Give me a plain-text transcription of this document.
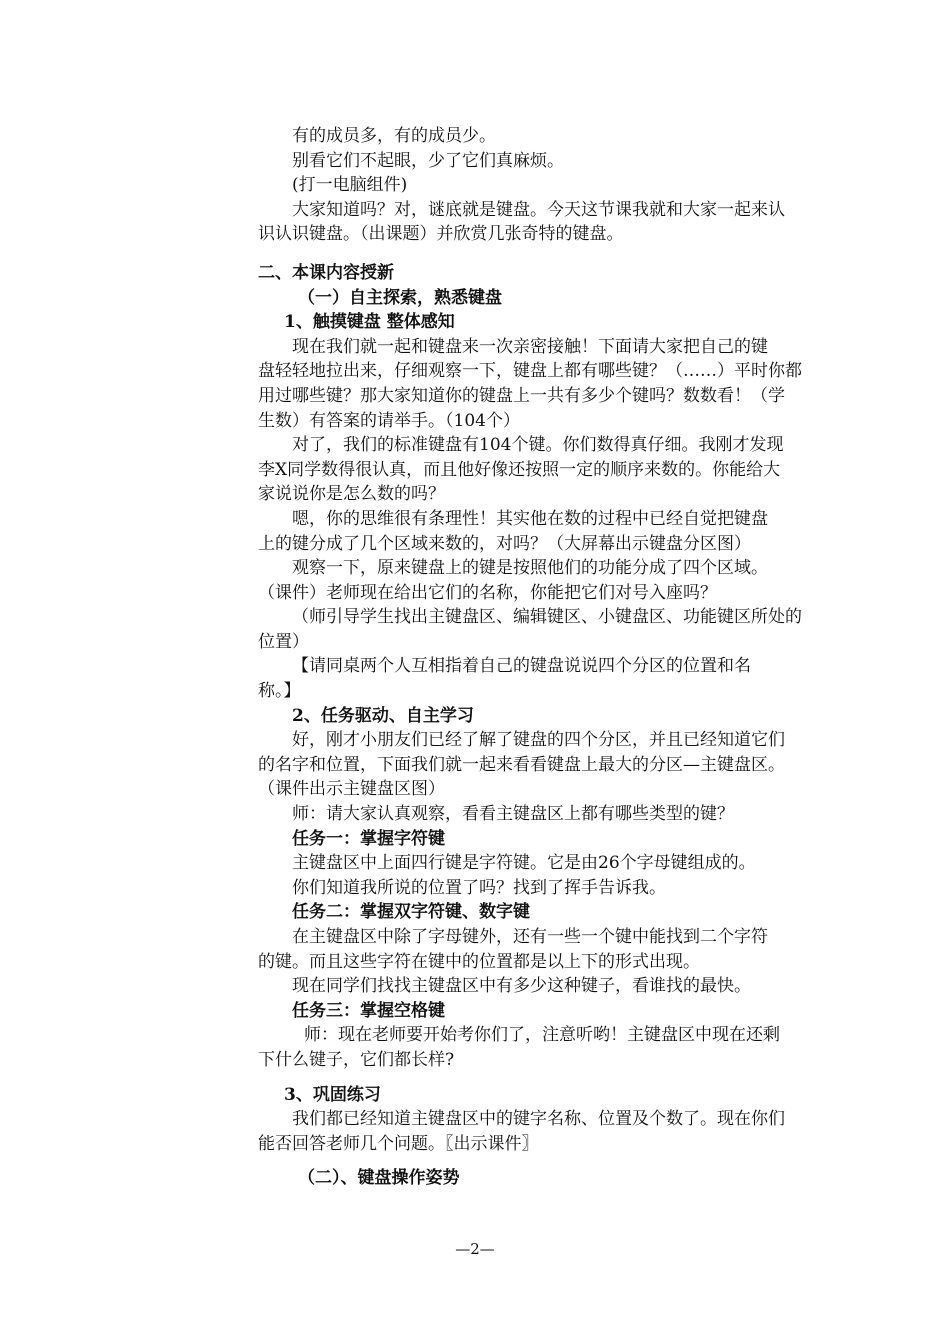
有的成员多，有的成员少。
别看它们不起眼，少了它们真麻烦。
(打一电脑组件)
大家知道吗？对，谜底就是键盘。今天这节课我就和大家一起来认
识认识键盘。（出课题）并欣赏几张奇特的键盘。
二、本课内容授新
（一）自主探索，熟悉键盘
1、触摸键盘 整体感知
现在我们就一起和键盘来一次亲密接触！下面请大家把自己的键
盘轻轻地拉出来，仔细观察一下，键盘上都有哪些键？（……）平时你都
用过哪些键？那大家知道你的键盘上一共有多少个键吗？数数看！（学
生数）有答案的请举手。（104个）
对了，我们的标准键盘有104个键。你们数得真仔细。我刚才发现
李X同学数得很认真，而且他好像还按照一定的顺序来数的。你能给大
家说说你是怎么数的吗？
嗯，你的思维很有条理性！其实他在数的过程中已经自觉把键盘
上的键分成了几个区域来数的，对吗？（大屏幕出示键盘分区图）
观察一下，原来键盘上的键是按照他们的功能分成了四个区域。
（课件）老师现在给出它们的名称，你能把它们对号入座吗？
（师引导学生找出主键盘区、编辑键区、小键盘区、功能键区所处的
位置）
【请同桌两个人互相指着自己的键盘说说四个分区的位置和名
称。】
2、任务驱动、自主学习
好，刚才小朋友们已经了解了键盘的四个分区，并且已经知道它们
的名字和位置，下面我们就一起来看看键盘上最大的分区—主键盘区。
（课件出示主键盘区图）
师：请大家认真观察，看看主键盘区上都有哪些类型的键？
任务一：掌握字符键
主键盘区中上面四行键是字符键。它是由26个字母键组成的。
你们知道我所说的位置了吗？找到了挥手告诉我。
任务二：掌握双字符键、数字键
在主键盘区中除了字母键外，还有一些一个键中能找到二个字符
的键。而且这些字符在键中的位置都是以上下的形式出现。
现在同学们找找主键盘区中有多少这种键子，看谁找的最快。
任务三：掌握空格键
师：现在老师要开始考你们了，注意听哟！主键盘区中现在还剩
下什么键子，它们都长样?
3、巩固练习
我们都已经知道主键盘区中的键字名称、位置及个数了。现在你们
能否回答老师几个问题。〖出示课件〗
（二）、键盘操作姿势
—2—
